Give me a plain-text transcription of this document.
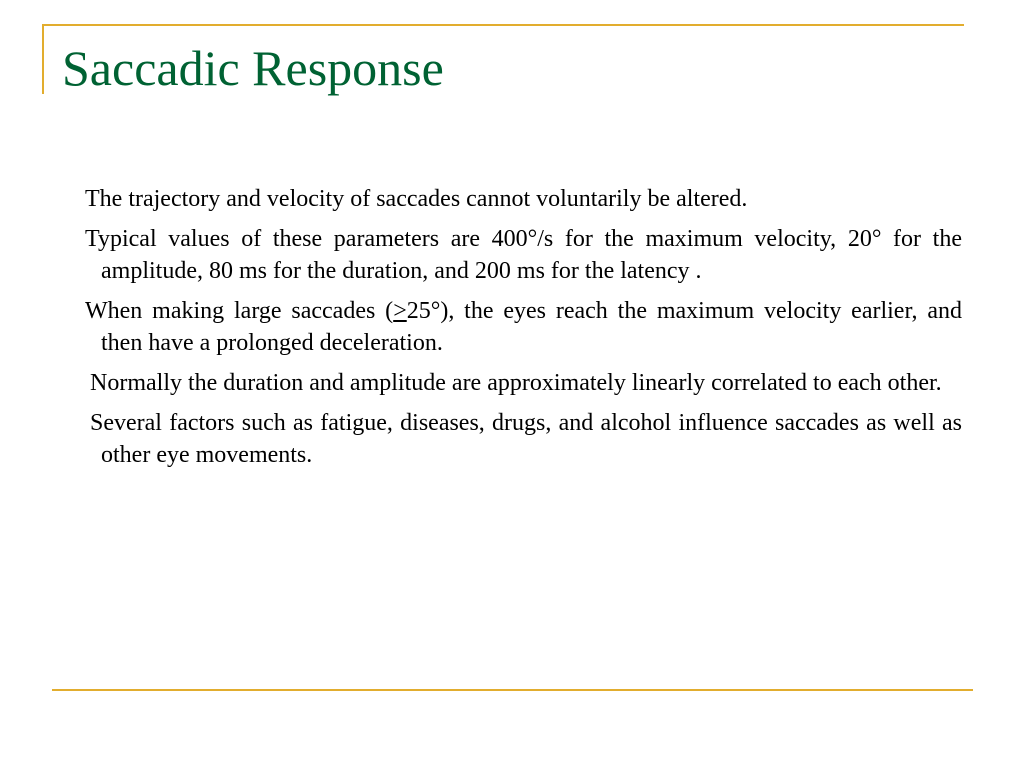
Saccadic Response
The trajectory and velocity of saccades cannot voluntarily be altered.
Typical values of these parameters are 400°/s for the maximum velocity, 20° for the amplitude, 80 ms for the duration, and 200 ms for the latency .
When making large saccades (≥25°), the eyes reach the maximum velocity earlier, and then have a prolonged deceleration.
Normally the duration and amplitude are approximately linearly correlated to each other.
Several factors such as fatigue, diseases, drugs, and alcohol influence saccades as well as other eye movements.
